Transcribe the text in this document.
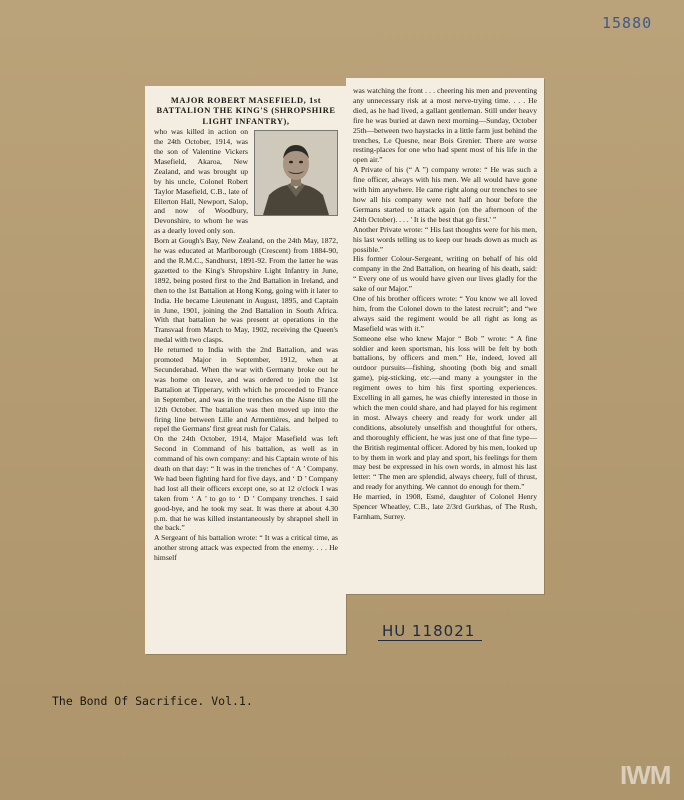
15880
MAJOR ROBERT MASEFIELD, 1st BATTALION THE KING'S (SHROPSHIRE LIGHT INFANTRY),

who was killed in action on the 24th October, 1914, was the son of Valentine Vickers Masefield, Akaroa, New Zealand, and was brought up by his uncle, Colonel Robert Taylor Masefield, C.B., late of Ellerton Hall, Newport, Salop, and now of Woodbury, Devonshire, to whom he was as a dearly loved only son.

Born at Gough's Bay, New Zealand, on the 24th May, 1872, he was educated at Marlborough (Crescent) from 1884-90, and the R.M.C., Sandhurst, 1891-92. From the latter he was gazetted to the King's Shropshire Light Infantry in June, 1892, being posted first to the 2nd Battalion in Ireland, and then to the 1st Battalion at Hong Kong, going with it later to India. He became Lieutenant in August, 1895, and Captain in June, 1901, joining the 2nd Battalion in South Africa. With that battalion he was present at operations in the Transvaal from March to May, 1902, receiving the Queen's medal with two clasps.

He returned to India with the 2nd Battalion, and was promoted Major in September, 1912, when at Secunderabad. When the war with Germany broke out he was home on leave, and was ordered to join the 1st Battalion at Tipperary, with which he proceeded to France in September, and was in the trenches on the Aisne till the 12th October. The battalion was then moved up into the firing line between Lille and Armentières, and helped to repel the Germans' first great rush for Calais.

On the 24th October, 1914, Major Masefield was left Second in Command of his battalion, as well as in command of his own company: and his Captain wrote of his death on that day: “ It was in the trenches of ‘ A ’ Company. We had been fighting hard for five days, and ‘ D ’ Company had lost all their officers except one, so at 12 o'clock I was taken from ‘ A ’ to go to ‘ D ’ Company trenches. I said good-bye, and he took my seat. It was there at about 4.30 p.m. that he was killed instantaneously by shrapnel shell in the back.”

A Sergeant of his battalion wrote: “ It was a critical time, as another strong attack was expected from the enemy. . . . He himself

was watching the front . . . cheering his men and preventing any unnecessary risk at a most nerve-trying time. . . . He died, as he had lived, a gallant gentleman. Still under heavy fire he was buried at dawn next morning—Sunday, October 25th—between two haystacks in a little farm just behind the trenches, Le Quesne, near Bois Grenier. There are worse resting-places for one who had spent most of his life in the open air.”

A Private of his (“ A ”) company wrote: “ He was such a fine officer, always with his men. We all would have gone with him anywhere. He came right along our trenches to see how all his company were not half an hour before the Germans started to attack again (on the afternoon of the 24th October). . . . ' It is the best that go first.' ”

Another Private wrote: “ His last thoughts were for his men, his last words telling us to keep our heads down as much as possible.”

His former Colour-Sergeant, writing on behalf of his old company in the 2nd Battalion, on hearing of his death, said: “ Every one of us would have given our lives gladly for the sake of our Major.”

One of his brother officers wrote: “ You know we all loved him, from the Colonel down to the latest recruit”; and “we always said the regiment would be all right as long as Masefield was with it.”

Someone else who knew Major “ Bob ” wrote: “ A fine soldier and keen sportsman, his loss will be felt by both battalions, by officers and men.” He, indeed, loved all outdoor pursuits—fishing, shooting (both big and small game), pig-sticking, etc.—and many a youngster in the regiment owes to him his first sporting experiences. Excelling in all games, he was chiefly interested in those in which the men could share, and had played for his regiment in most. Always cheery and ready for work under all conditions, absolutely unselfish and thoughtful for others, and thoroughly efficient, he was just one of that fine type—the British regimental officer. Adored by his men, looked up to by them in work and play and sport, his feelings for them may best be expressed in his own words, in almost his last letter: “ The men are splendid, always cheery, full of thrust, and ready for anything. We cannot do enough for them.”

He married, in 1908, Esmé, daughter of Colonel Henry Spencer Wheatley, C.B., late 2/3rd Gurkhas, of The Rush, Farnham, Surrey.

HU 118021
The Bond Of Sacrifice. Vol.1.
IWM
